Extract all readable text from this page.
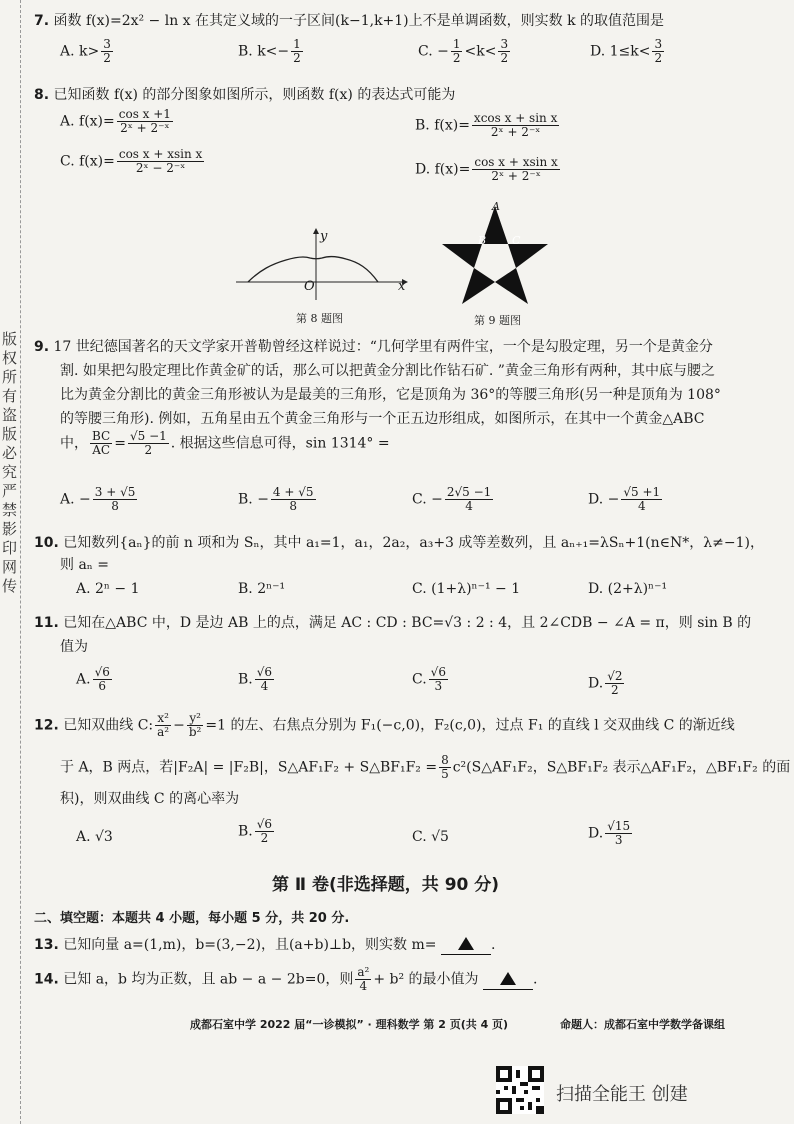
版权所有 盗版必究 严禁影印网传
7. 函数 f(x)=2x² − ln x 在其定义域的一子区间(k−1,k+1)上不是单调函数，则实数 k 的取值范围是
A. $k> \frac{3}{2}$	B. $k<- \frac{1}{2}$	C. − $\frac{1}{2} <k< \frac{3}{2}$	D. $1\le k< \frac{3}{2}$
8. 已知函数 f(x) 的部分图象如图所示，则函数 f(x) 的表达式可能为
A. $f(x)= \frac{\text{cos x +1}}{\text{2ˣ + 2⁻ˣ}}$	B. $f(x)= \frac{\text{xcos x + sin x}}{\text{2ˣ + 2⁻ˣ}}$
C. $f(x)= \frac{\text{cos x + xsin x}}{\text{2ˣ − 2⁻ˣ}}$	D. $f(x)= \frac{\text{cos x + xsin x}}{\text{2ˣ + 2⁻ˣ}}$
y
x
O
第 8 题图
A
B C
第 9 题图
9. 17 世纪德国著名的天文学家开普勒曾经这样说过：“几何学里有两件宝，一个是勾股定理，另一个是黄金分
割. 如果把勾股定理比作黄金矿的话，那么可以把黄金分割比作钻石矿. ”黄金三角形有两种，其中底与腰之
比为黄金分割比的黄金三角形被认为是最美的三角形，它是顶角为 36°的等腰三角形(另一种是顶角为 108°
的等腰三角形). 例如，五角星由五个黄金三角形与一个正五边形组成，如图所示，在其中一个黄金△ABC
中， $\frac{BC}{AC} = \frac{√5 -1}{2}$ . 根据这些信息可得，sin 1314° =
A. − $\frac{3 + √5}{8}$	B. − $\frac{4 + √5}{8}$	C. − $\frac{2√5 -1}{4}$	D. − $\frac{√5 +1}{4}$
10. 已知数列{aₙ}的前 n 项和为 Sₙ，其中 a₁=1，a₁，2a₂，a₃+3 成等差数列，且 aₙ₊₁=λSₙ+1(n∈N*，λ≠−1)，
则 aₙ =
A. 2ⁿ − 1	B. 2ⁿ⁻¹	C. (1+λ)ⁿ⁻¹ − 1	D. (2+λ)ⁿ⁻¹
11. 已知在△ABC 中，D 是边 AB 上的点，满足 AC : CD : BC=√3 : 2 : 4，且 2∠CDB − ∠A = π，则 sin B 的
值为
A. $\frac{√6}{6}$	B. $\frac{√6}{4}$	C. $\frac{√6}{3}$	D. $\frac{√2}{2}$
12. 已知双曲线 C: $\frac{\text{x²}}{\text{a²}} - \frac{\text{y²}}{\text{b²}} =1$ 的左、右焦点分别为 F₁(−c,0)，F₂(c,0)，过点 F₁ 的直线 l 交双曲线 C 的渐近线
于 A，B 两点，若|F₂A| = |F₂B|，S△AF₁F₂ + S△BF₁F₂ = $\frac{8}{5}$ c²(S△AF₁F₂，S△BF₁F₂ 表示△AF₁F₂，△BF₁F₂ 的面
积)，则双曲线 C 的离心率为
A. √3	B. $\frac{√6}{2}$	C. √5	D. $\frac{√15}{3}$
第 Ⅱ 卷(非选择题，共 90 分)
二、填空题：本题共 4 小题，每小题 5 分，共 20 分.
13. 已知向量 a=(1,m)，b=(3,−2)，且(a+b)⊥b，则实数 m=	.
14. 已知 a，b 均为正数，且 ab − a − 2b=0，则 $\frac{\text{a²}}{4} + b^2$ 的最小值为	.
成都石室中学 2022 届“一诊模拟” · 理科数学 第 2 页(共 4 页)	命题人：成都石室中学数学备课组
扫描全能王 创建
